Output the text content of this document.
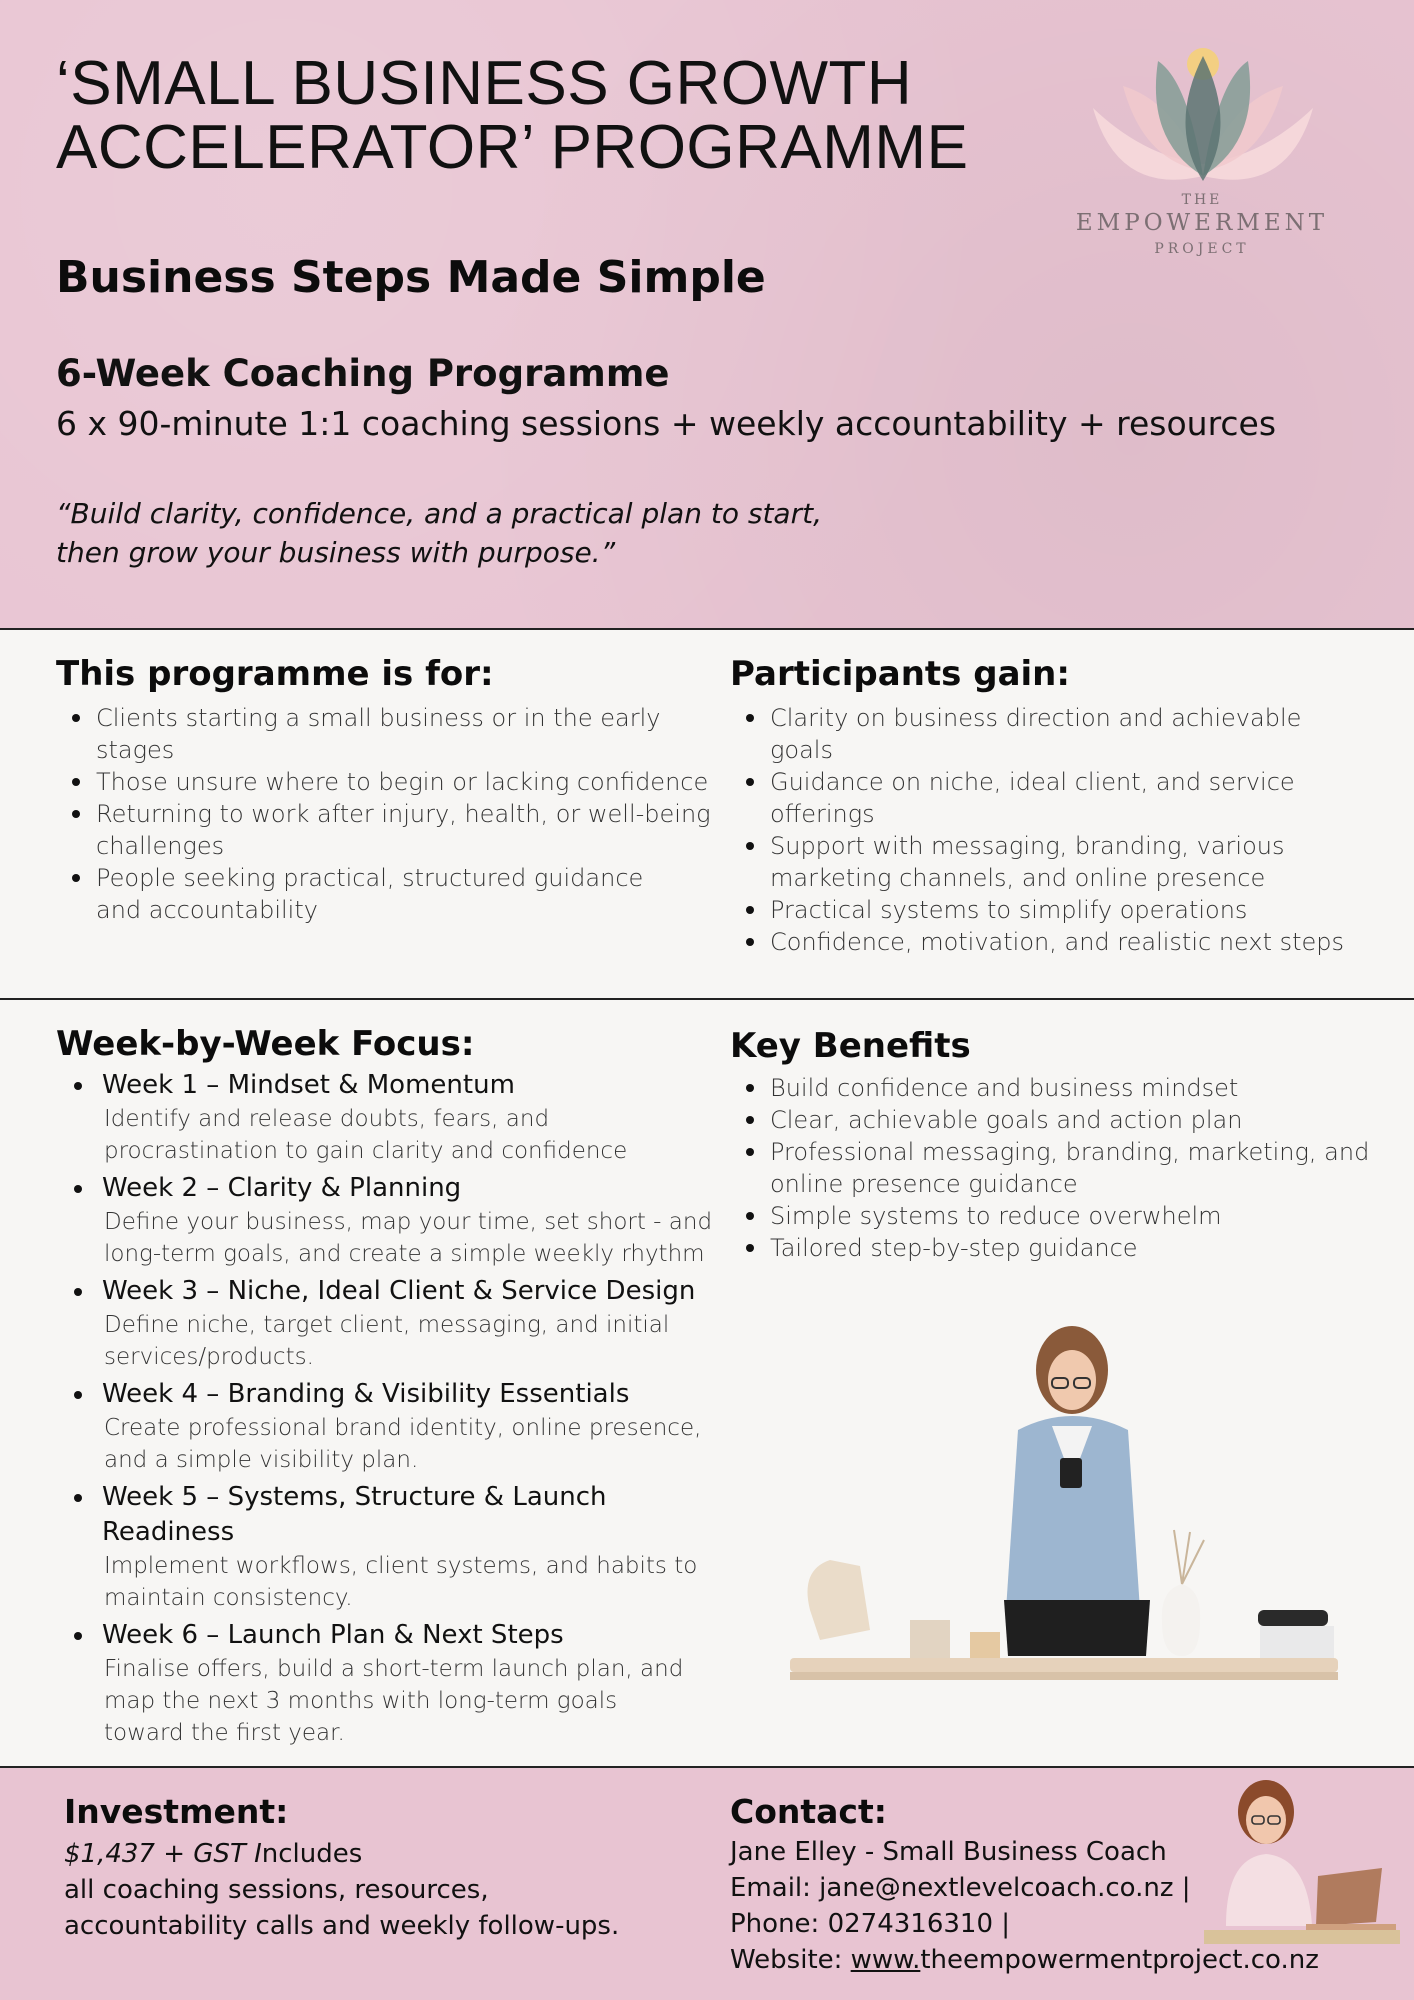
‘SMALL BUSINESS GROWTH
ACCELERATOR’ PROGRAMME
Business Steps Made Simple
6-Week Coaching Programme
6 x 90-minute 1:1 coaching sessions + weekly accountability + resources
“Build clarity, confidence, and a practical plan to start,
then grow your business with purpose.”
THE
EMPOWERMENT
PROJECT
This programme is for:
Clients starting a small business or in the early
stages
Those unsure where to begin or lacking confidence
Returning to work after injury, health, or well-being
challenges
People seeking practical, structured guidance
and accountability
Participants gain:
Clarity on business direction and achievable
goals
Guidance on niche, ideal client, and service
offerings
Support with messaging, branding, various
marketing channels, and online presence
Practical systems to simplify operations
Confidence, motivation, and realistic next steps
Week-by-Week Focus:
Week 1 – Mindset & Momentum
Identify and release doubts, fears, and
procrastination to gain clarity and confidence
Week 2 – Clarity & Planning
Define your business, map your time, set short - and
long-term goals, and create a simple weekly rhythm
Week 3 – Niche, Ideal Client & Service Design
Define niche, target client, messaging, and initial
services/products.
Week 4 – Branding & Visibility Essentials
Create professional brand identity, online presence,
and a simple visibility plan.
Week 5 – Systems, Structure & Launch
Readiness
Implement workflows, client systems, and habits to
maintain consistency.
Week 6 – Launch Plan & Next Steps
Finalise offers, build a short-term launch plan, and
map the next 3 months with long-term goals
toward the first year.
Key Benefits
Build confidence and business mindset
Clear, achievable goals and action plan
Professional messaging, branding, marketing, and
online presence guidance
Simple systems to reduce overwhelm
Tailored step-by-step guidance
Investment:
$1,437 + GST Includes
all coaching sessions, resources,
accountability calls and weekly follow-ups.
Contact:
Jane Elley - Small Business Coach
Email: jane@nextlevelcoach.co.nz |
Phone: 0274316310 |
Website: www.theempowermentproject.co.nz
